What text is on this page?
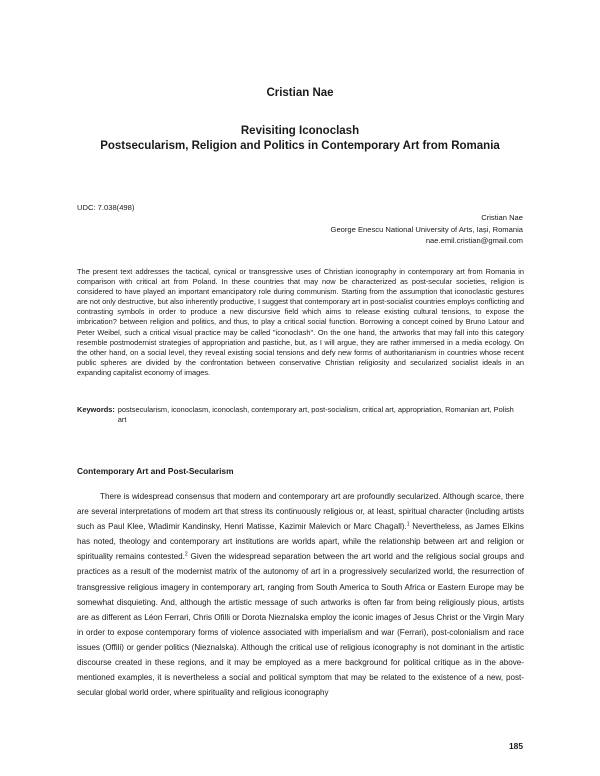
Cristian Nae
Revisiting Iconoclash
Postsecularism, Religion and Politics in Contemporary Art from Romania
UDC: 7.038(498)
Cristian Nae
George Enescu National University of Arts, Iași, Romania
nae.emil.cristian@gmail.com

The present text addresses the tactical, cynical or transgressive uses of Christian iconography in contemporary art from Romania in comparison with critical art from Poland. In these countries that may now be characterized as post-secular societies, religion is considered to have played an important emancipatory role during communism. Starting from the assumption that iconoclastic gestures are not only destructive, but also inherently productive, I suggest that contemporary art in post-socialist countries employs conflicting and contrasting symbols in order to produce a new discursive field which aims to release existing cultural tensions, to expose the imbrication? between religion and politics, and thus, to play a critical social function. Borrowing a concept coined by Bruno Latour and Peter Weibel, such a critical visual practice may be called "iconoclash". On the one hand, the artworks that may fall into this category resemble postmodernist strategies of appropriation and pastiche, but, as I will argue, they are rather immersed in a media ecology. On the other hand, on a social level, they reveal existing social tensions and defy new forms of authoritarianism in countries whose recent public spheres are divided by the confrontation between conservative Christian religiosity and secularized socialist ideals in an expanding capitalist economy of images.

Keywords: postsecularism, iconoclasm, iconoclash, contemporary art, post-socialism, critical art, appropriation, Romanian art, Polish art
Contemporary Art and Post-Secularism

There is widespread consensus that modern and contemporary art are profoundly secularized. Although scarce, there are several interpretations of modern art that stress its continuously religious or, at least, spiritual character (including artists such as Paul Klee, Wladimir Kandinsky, Henri Matisse, Kazimir Malevich or Marc Chagall).$^1$ Nevertheless, as James Elkins has noted, theology and contemporary art institutions are worlds apart, while the relationship between art and religion or spirituality remains contested.$^2$ Given the widespread separation between the art world and the religious social groups and practices as a result of the modernist matrix of the autonomy of art in a progressively secularized world, the resurrection of transgressive religious imagery in contemporary art, ranging from South America to South Africa or Eastern Europe may be somewhat disquieting. And, although the artistic message of such artworks is often far from being religiously pious, artists are as different as Léon Ferrari, Chris Ofilli or Dorota Nieznalska employ the iconic images of Jesus Christ or the Virgin Mary in order to expose contemporary forms of violence associated with imperialism and war (Ferrari), post-colonialism and race issues (Offili) or gender politics (Nieznalska). Although the critical use of religious iconography is not dominant in the artistic discourse created in these regions, and it may be employed as a mere background for political critique as in the above-mentioned examples, it is nevertheless a social and political symptom that may be related to the existence of a new, post-secular global world order, where spirituality and religious iconography

185
